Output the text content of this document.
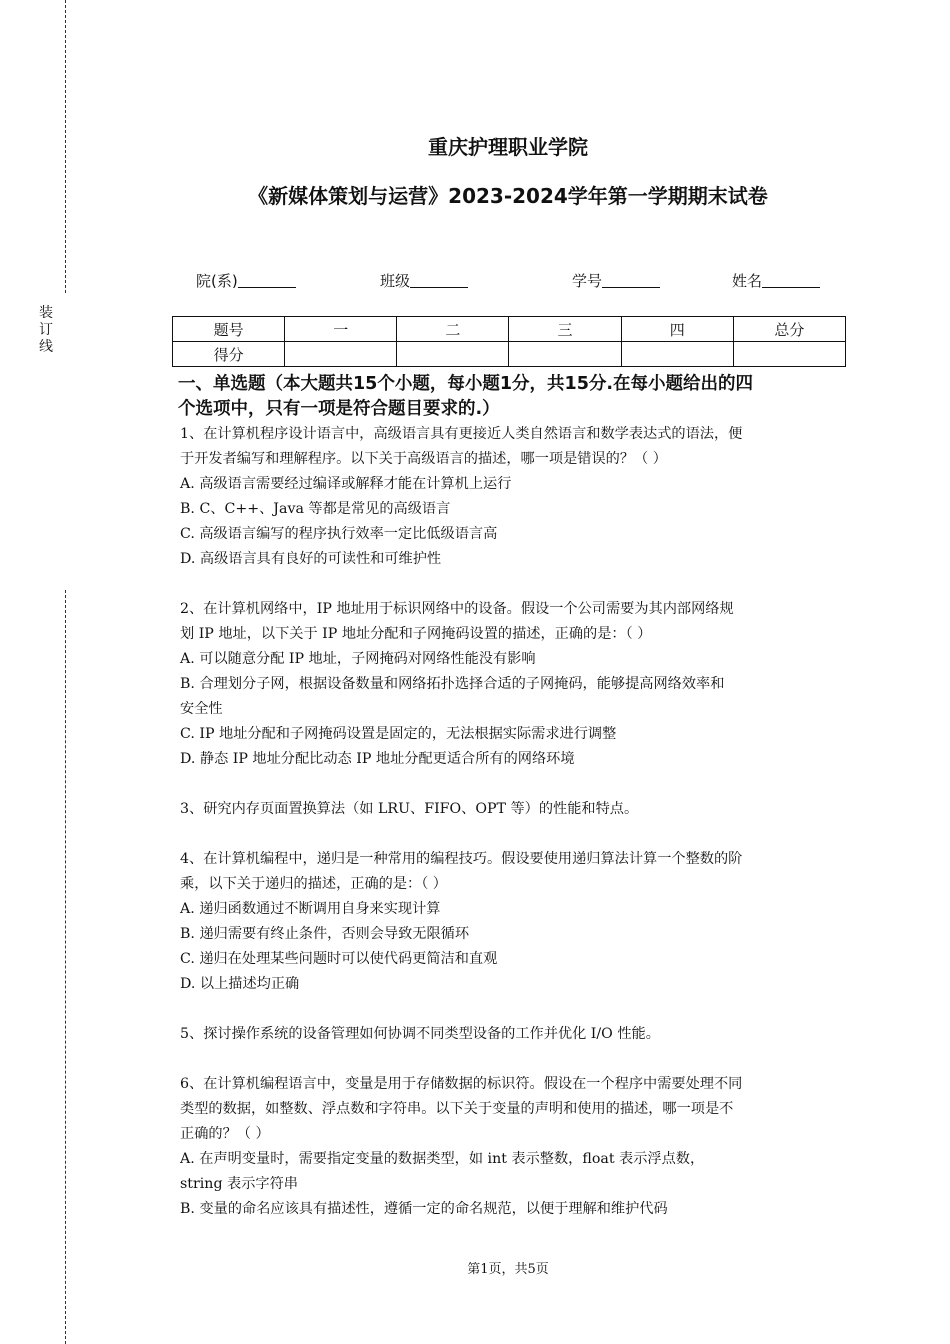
装
订
线
重庆护理职业学院
《新媒体策划与运营》2023-2024学年第一学期期末试卷
院(系)	班级	学号	姓名
题号	一	二	三	四	总分
得分					
一、单选题（本大题共15个小题，每小题1分，共15分.在每小题给出的四
个选项中，只有一项是符合题目要求的.）
1、在计算机程序设计语言中，高级语言具有更接近人类自然语言和数学表达式的语法，便
于开发者编写和理解程序。以下关于高级语言的描述，哪一项是错误的？（ ）
A. 高级语言需要经过编译或解释才能在计算机上运行
B. C、C++、Java 等都是常见的高级语言
C. 高级语言编写的程序执行效率一定比低级语言高
D. 高级语言具有良好的可读性和可维护性
2、在计算机网络中，IP 地址用于标识网络中的设备。假设一个公司需要为其内部网络规
划 IP 地址，以下关于 IP 地址分配和子网掩码设置的描述，正确的是：（ ）
A. 可以随意分配 IP 地址，子网掩码对网络性能没有影响
B. 合理划分子网，根据设备数量和网络拓扑选择合适的子网掩码，能够提高网络效率和
安全性
C. IP 地址分配和子网掩码设置是固定的，无法根据实际需求进行调整
D. 静态 IP 地址分配比动态 IP 地址分配更适合所有的网络环境
3、研究内存页面置换算法（如 LRU、FIFO、OPT 等）的性能和特点。
4、在计算机编程中，递归是一种常用的编程技巧。假设要使用递归算法计算一个整数的阶
乘，以下关于递归的描述，正确的是：（ ）
A. 递归函数通过不断调用自身来实现计算
B. 递归需要有终止条件，否则会导致无限循环
C. 递归在处理某些问题时可以使代码更简洁和直观
D. 以上描述均正确
5、探讨操作系统的设备管理如何协调不同类型设备的工作并优化 I/O 性能。
6、在计算机编程语言中，变量是用于存储数据的标识符。假设在一个程序中需要处理不同
类型的数据，如整数、浮点数和字符串。以下关于变量的声明和使用的描述，哪一项是不
正确的？（ ）
A. 在声明变量时，需要指定变量的数据类型，如 int 表示整数，float 表示浮点数，
string 表示字符串
B. 变量的命名应该具有描述性，遵循一定的命名规范，以便于理解和维护代码
第1页，共5页
